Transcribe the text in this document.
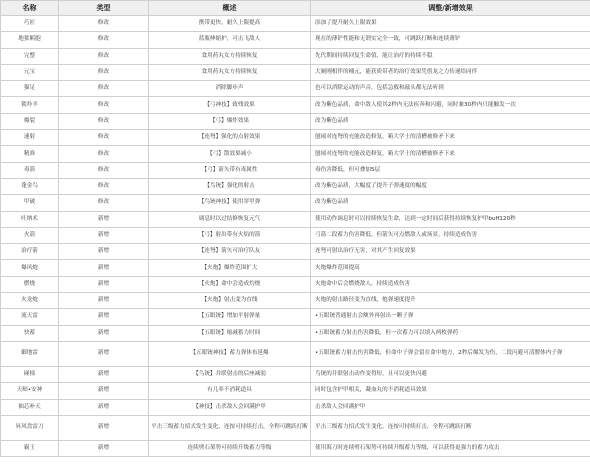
名称	类型	概述	调整/新增效果
巧匠	修改	携带更快，耐久上限提高	添加了提升耐久上限效果
地狱羁胞	修改	蓝瓶伸缩护，可击飞敌人	现在的薄铲性能和无谓实完全一致，可跳跃打断和连续薄铲
完整	修改	食用药丸女方持续恢复	先代期间持续回复生命值，能让治疗的持续不稳
元宝	修改	食用药丸女方持续恢复	大厕刚相伴的桶元，能获质带者的治疗效果凭借龙之力传递给同伴
猫足	修改	消除脚步声	也可以消除运动的声音，包括急救和敲头都无法听到
锁羚羊	修改	【弓神技】致残效果	改为紫色品质，命中敌人使其2秒内无法疾奔和闪避，同时兼30秒内只能触发一次
爆裂	修改	【弓】爆炸效果	改为紫色品质
速射	修改	【连弩】强化的点射效果	刨闹对连弩的充能改造修复，箱大学士的清槽被修矛下来
精准	修改	【弓】散效果减小	刨闹对连弩的充能改造修复，箱大学士的清槽被修矛下来
毒箭	修改	【弓】箭矢带有毒属性	毒伤害降低，但可叠加5层
蓬金鸟	修改	【鸟铳】强化的射击	改为紫色品质，大幅度了提升子弹速度的幅度
甲破	修改	【鸟铳神技】使用穿甲弹	改为紫色品质
吐纳术	新增	调息时以过结修恢复元气	使用动作调息时可以持续恢复生命，达到一定时间后获得持续恢复护甲buff120秒
火箭	新增	【弓】射出带有火焰的箭	弓箭二段蓄力伤害降低，但箭矢可点燃敌人或场景，持续造成伤害
治疗箭	新增	【连弩】箭矢可治疗队友	连弩可射出治疗无害，对其产生回复效果
爆风炮	新增	【火炮】爆炸范围扩大	火炮爆炸范围提高
燃烧	新增	【火炮】命中会造成灼烧	火炮命中后会燃烧敌人，持续造成伤害
火龙炮	新增	【火炮】射击变为直线	火炮的射击路径变为直线，炮弹速度提升
流天雷	新增	【五眼铳】增加平射弹量	•五眼铳普通射击会额外再射出一颗子弹
快蓄	新增	【五眼铳】缩减蓄力时间	•五眼铳蓄力射击伤害降低，但一次蓄力可以填入两枚弹药
御地雷	新增	【五眼铳神技】蓄力弹体布延爆	•五眼铳蓄力射击伤害降低，但命中子弹会留在命中地方，2秒后爆发为伤，二段闪避可清膛体内子弹
碰撞	新增	【鸟铳】并联射击的后座减弱	鸟铳的并联射击动作变得短，且可以更快闪避
天师•安神	新增	有几率不消耗道具	同时包含护甲相关，凝血丸的不消耗道具效果
抽芯补天	新增	【神技】击杀敌人会回满护甲	击杀敌人会回满护甲
昇风盘雷刀	新增	平击三级蓄力招式发生变化，连按可持续打击，全程可跳跃打断	平击三级蓄力招式发生变化，连按可持续打击，全程可跳跃打断
霸王	新增	连续劈石架势可持续升级蓄力等级	使用海刀时连续劈石架势可持续升级蓄力等级，可以获得更强力的蓄力攻击
